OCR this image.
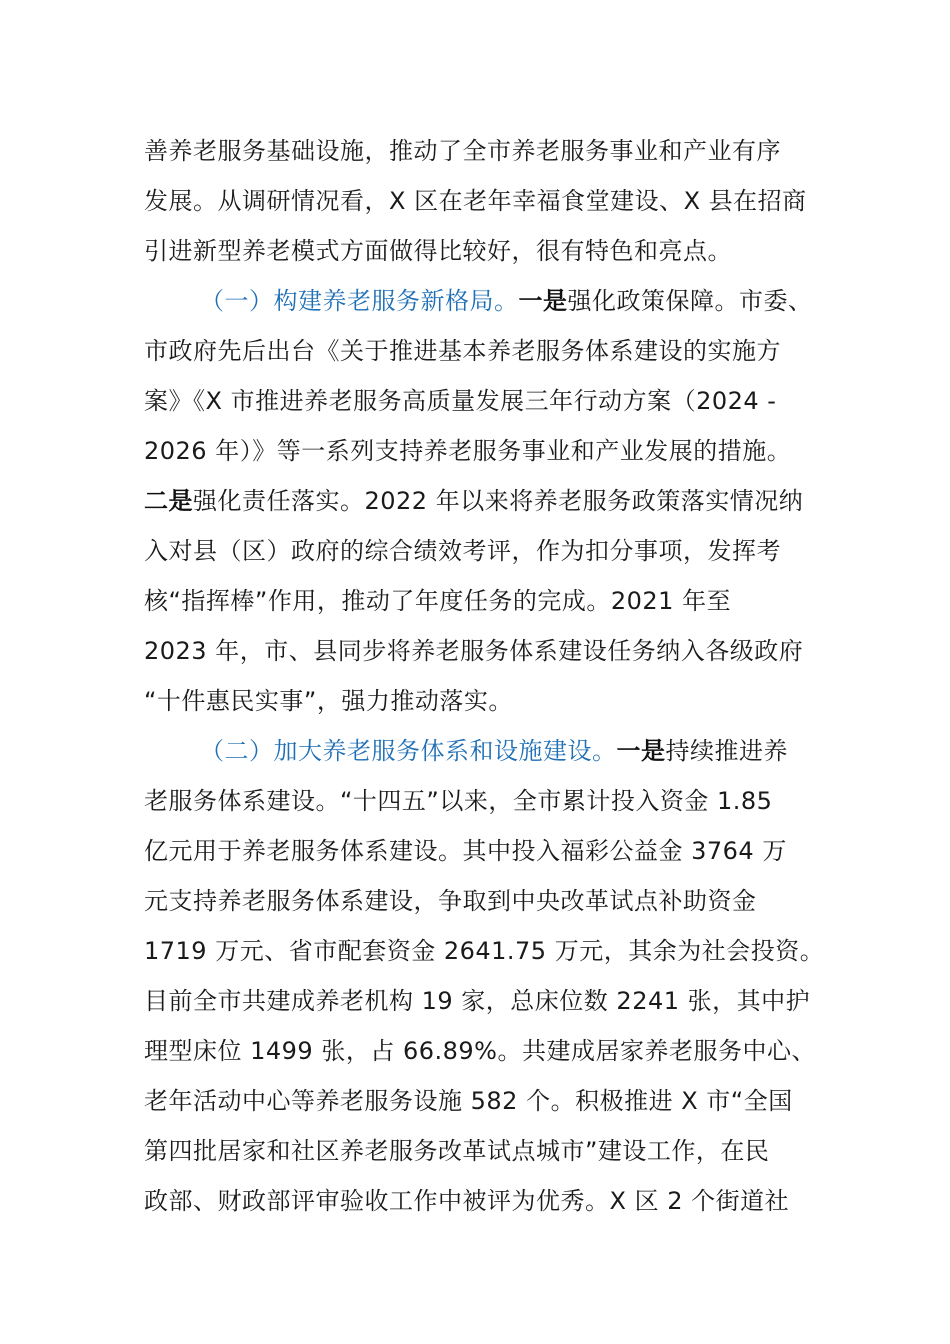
善养老服务基础设施，推动了全市养老服务事业和产业有序
发展。从调研情况看，X 区在老年幸福食堂建设、X 县在招商
引进新型养老模式方面做得比较好，很有特色和亮点。
（一）构建养老服务新格局。一是强化政策保障。市委、
市政府先后出台《关于推进基本养老服务体系建设的实施方
案》《X 市推进养老服务高质量发展三年行动方案（2024 -
2026 年）》等一系列支持养老服务事业和产业发展的措施。
二是强化责任落实。2022 年以来将养老服务政策落实情况纳
入对县（区）政府的综合绩效考评，作为扣分事项，发挥考
核“指挥棒”作用，推动了年度任务的完成。2021 年至
2023 年，市、县同步将养老服务体系建设任务纳入各级政府
“十件惠民实事”，强力推动落实。
（二）加大养老服务体系和设施建设。一是持续推进养
老服务体系建设。“十四五”以来，全市累计投入资金 1.85
亿元用于养老服务体系建设。其中投入福彩公益金 3764 万
元支持养老服务体系建设，争取到中央改革试点补助资金
1719 万元、省市配套资金 2641.75 万元，其余为社会投资。
目前全市共建成养老机构 19 家，总床位数 2241 张，其中护
理型床位 1499 张，占 66.89%。共建成居家养老服务中心、
老年活动中心等养老服务设施 582 个。积极推进 X 市“全国
第四批居家和社区养老服务改革试点城市”建设工作，在民
政部、财政部评审验收工作中被评为优秀。X 区 2 个街道社
